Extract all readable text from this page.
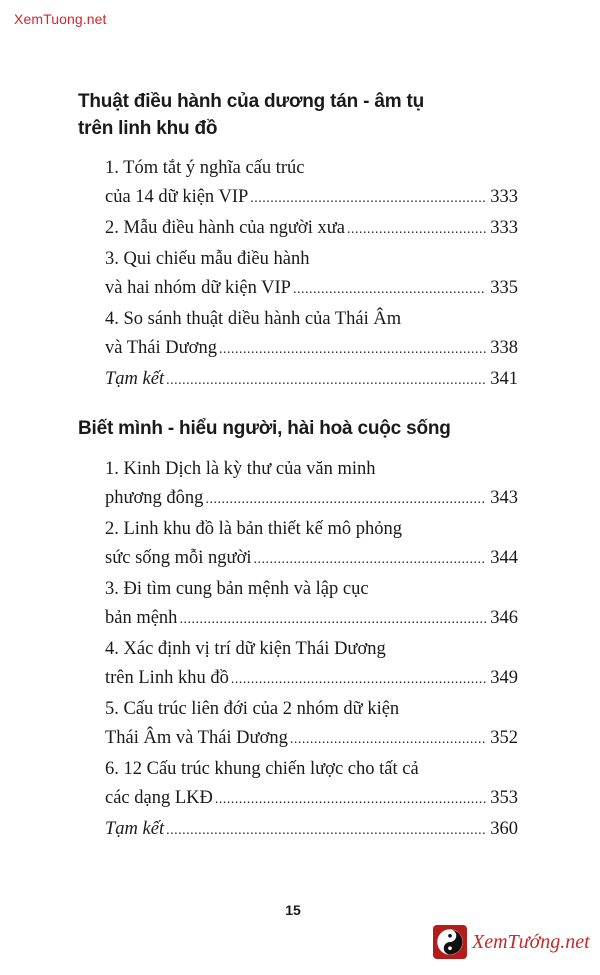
XemTuong.net
Thuật điều hành của dương tán - âm tụ
trên linh khu đồ
1. Tóm tắt ý nghĩa cấu trúc
của 14 dữ kiện VIP .....	333
2. Mẫu điều hành của người xưa .....	333
3. Qui chiếu mẫu điều hành
và hai nhóm dữ kiện VIP .....	335
4. So sánh thuật diều hành của Thái Âm
và Thái Dương .....	338
Tạm kết .....	341
Biết mình - hiểu người, hài hoà cuộc sống
1. Kinh Dịch là kỳ thư của văn minh
phương đông .....	343
2. Linh khu đồ là bản thiết kế mô phỏng
sức sống mỗi người .....	344
3. Đi tìm cung bản mệnh và lập cục
bản mệnh .....	346
4. Xác định vị trí dữ kiện Thái Dương
trên Linh khu đồ .....	349
5. Cấu trúc liên đới của 2 nhóm dữ kiện
Thái Âm và Thái Dương .....	352
6. 12 Cấu trúc khung chiến lược cho tất cả
các dạng LKĐ .....	353
Tạm kết .....	360
15
XemTướng.net
